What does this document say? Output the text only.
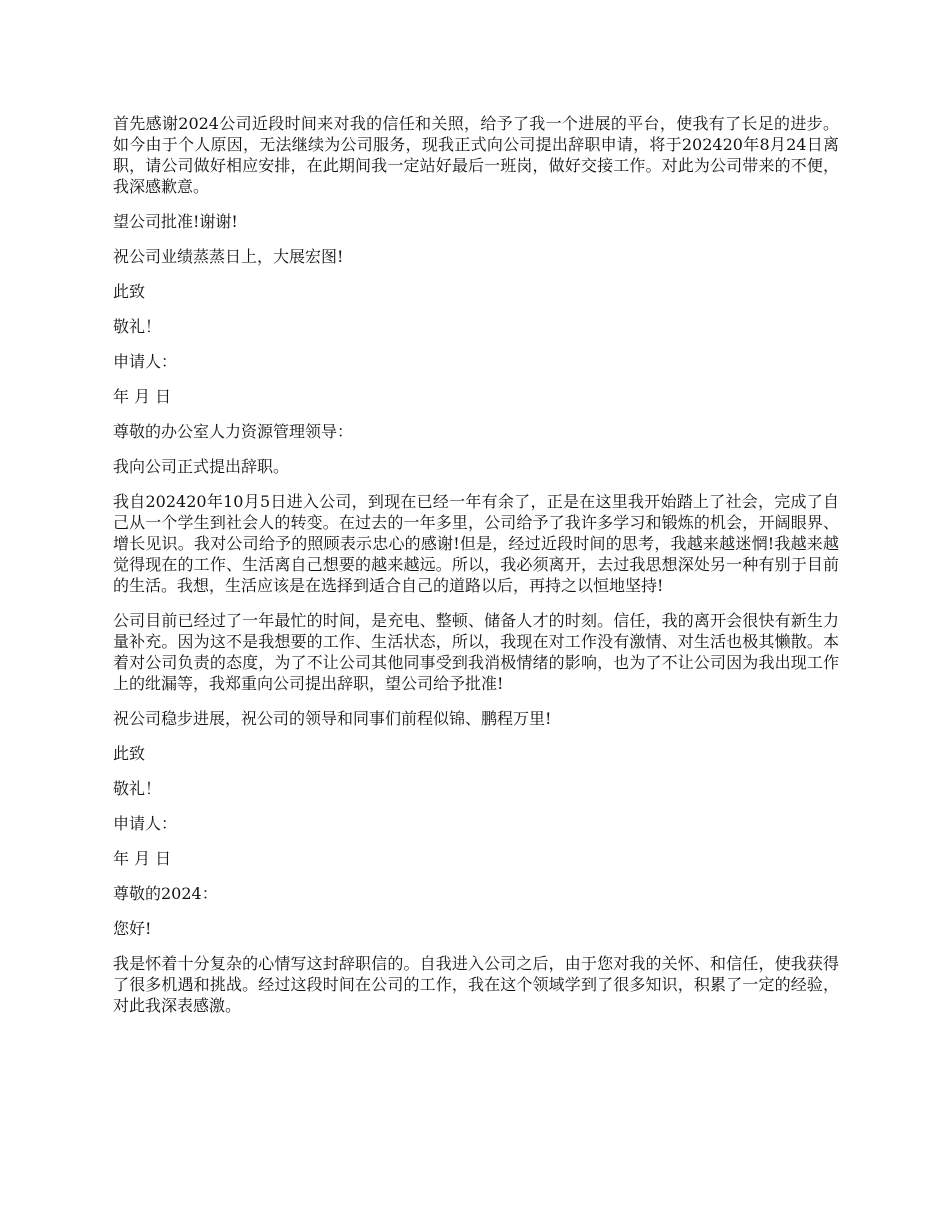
首先感谢2024公司近段时间来对我的信任和关照，给予了我一个进展的平台，使我有了长足的进步。如今由于个人原因，无法继续为公司服务，现我正式向公司提出辞职申请，将于202420年8月24日离职，请公司做好相应安排，在此期间我一定站好最后一班岗，做好交接工作。对此为公司带来的不便，我深感歉意。

望公司批准!谢谢!

祝公司业绩蒸蒸日上，大展宏图!

此致

敬礼！

申请人：

年 月 日

尊敬的办公室人力资源管理领导：

我向公司正式提出辞职。

我自202420年10月5日进入公司，到现在已经一年有余了，正是在这里我开始踏上了社会，完成了自己从一个学生到社会人的转变。在过去的一年多里，公司给予了我许多学习和锻炼的机会，开阔眼界、增长见识。我对公司给予的照顾表示忠心的感谢!但是，经过近段时间的思考，我越来越迷惘!我越来越觉得现在的工作、生活离自己想要的越来越远。所以，我必须离开，去过我思想深处另一种有别于目前的生活。我想，生活应该是在选择到适合自己的道路以后，再持之以恒地坚持!

公司目前已经过了一年最忙的时间，是充电、整顿、储备人才的时刻。信任，我的离开会很快有新生力量补充。因为这不是我想要的工作、生活状态，所以，我现在对工作没有激情、对生活也极其懒散。本着对公司负责的态度，为了不让公司其他同事受到我消极情绪的影响，也为了不让公司因为我出现工作上的纰漏等，我郑重向公司提出辞职，望公司给予批准!

祝公司稳步进展，祝公司的领导和同事们前程似锦、鹏程万里!

此致

敬礼！

申请人：

年 月 日

尊敬的2024：

您好!

我是怀着十分复杂的心情写这封辞职信的。自我进入公司之后，由于您对我的关怀、和信任，使我获得了很多机遇和挑战。经过这段时间在公司的工作，我在这个领域学到了很多知识，积累了一定的经验，对此我深表感激。
